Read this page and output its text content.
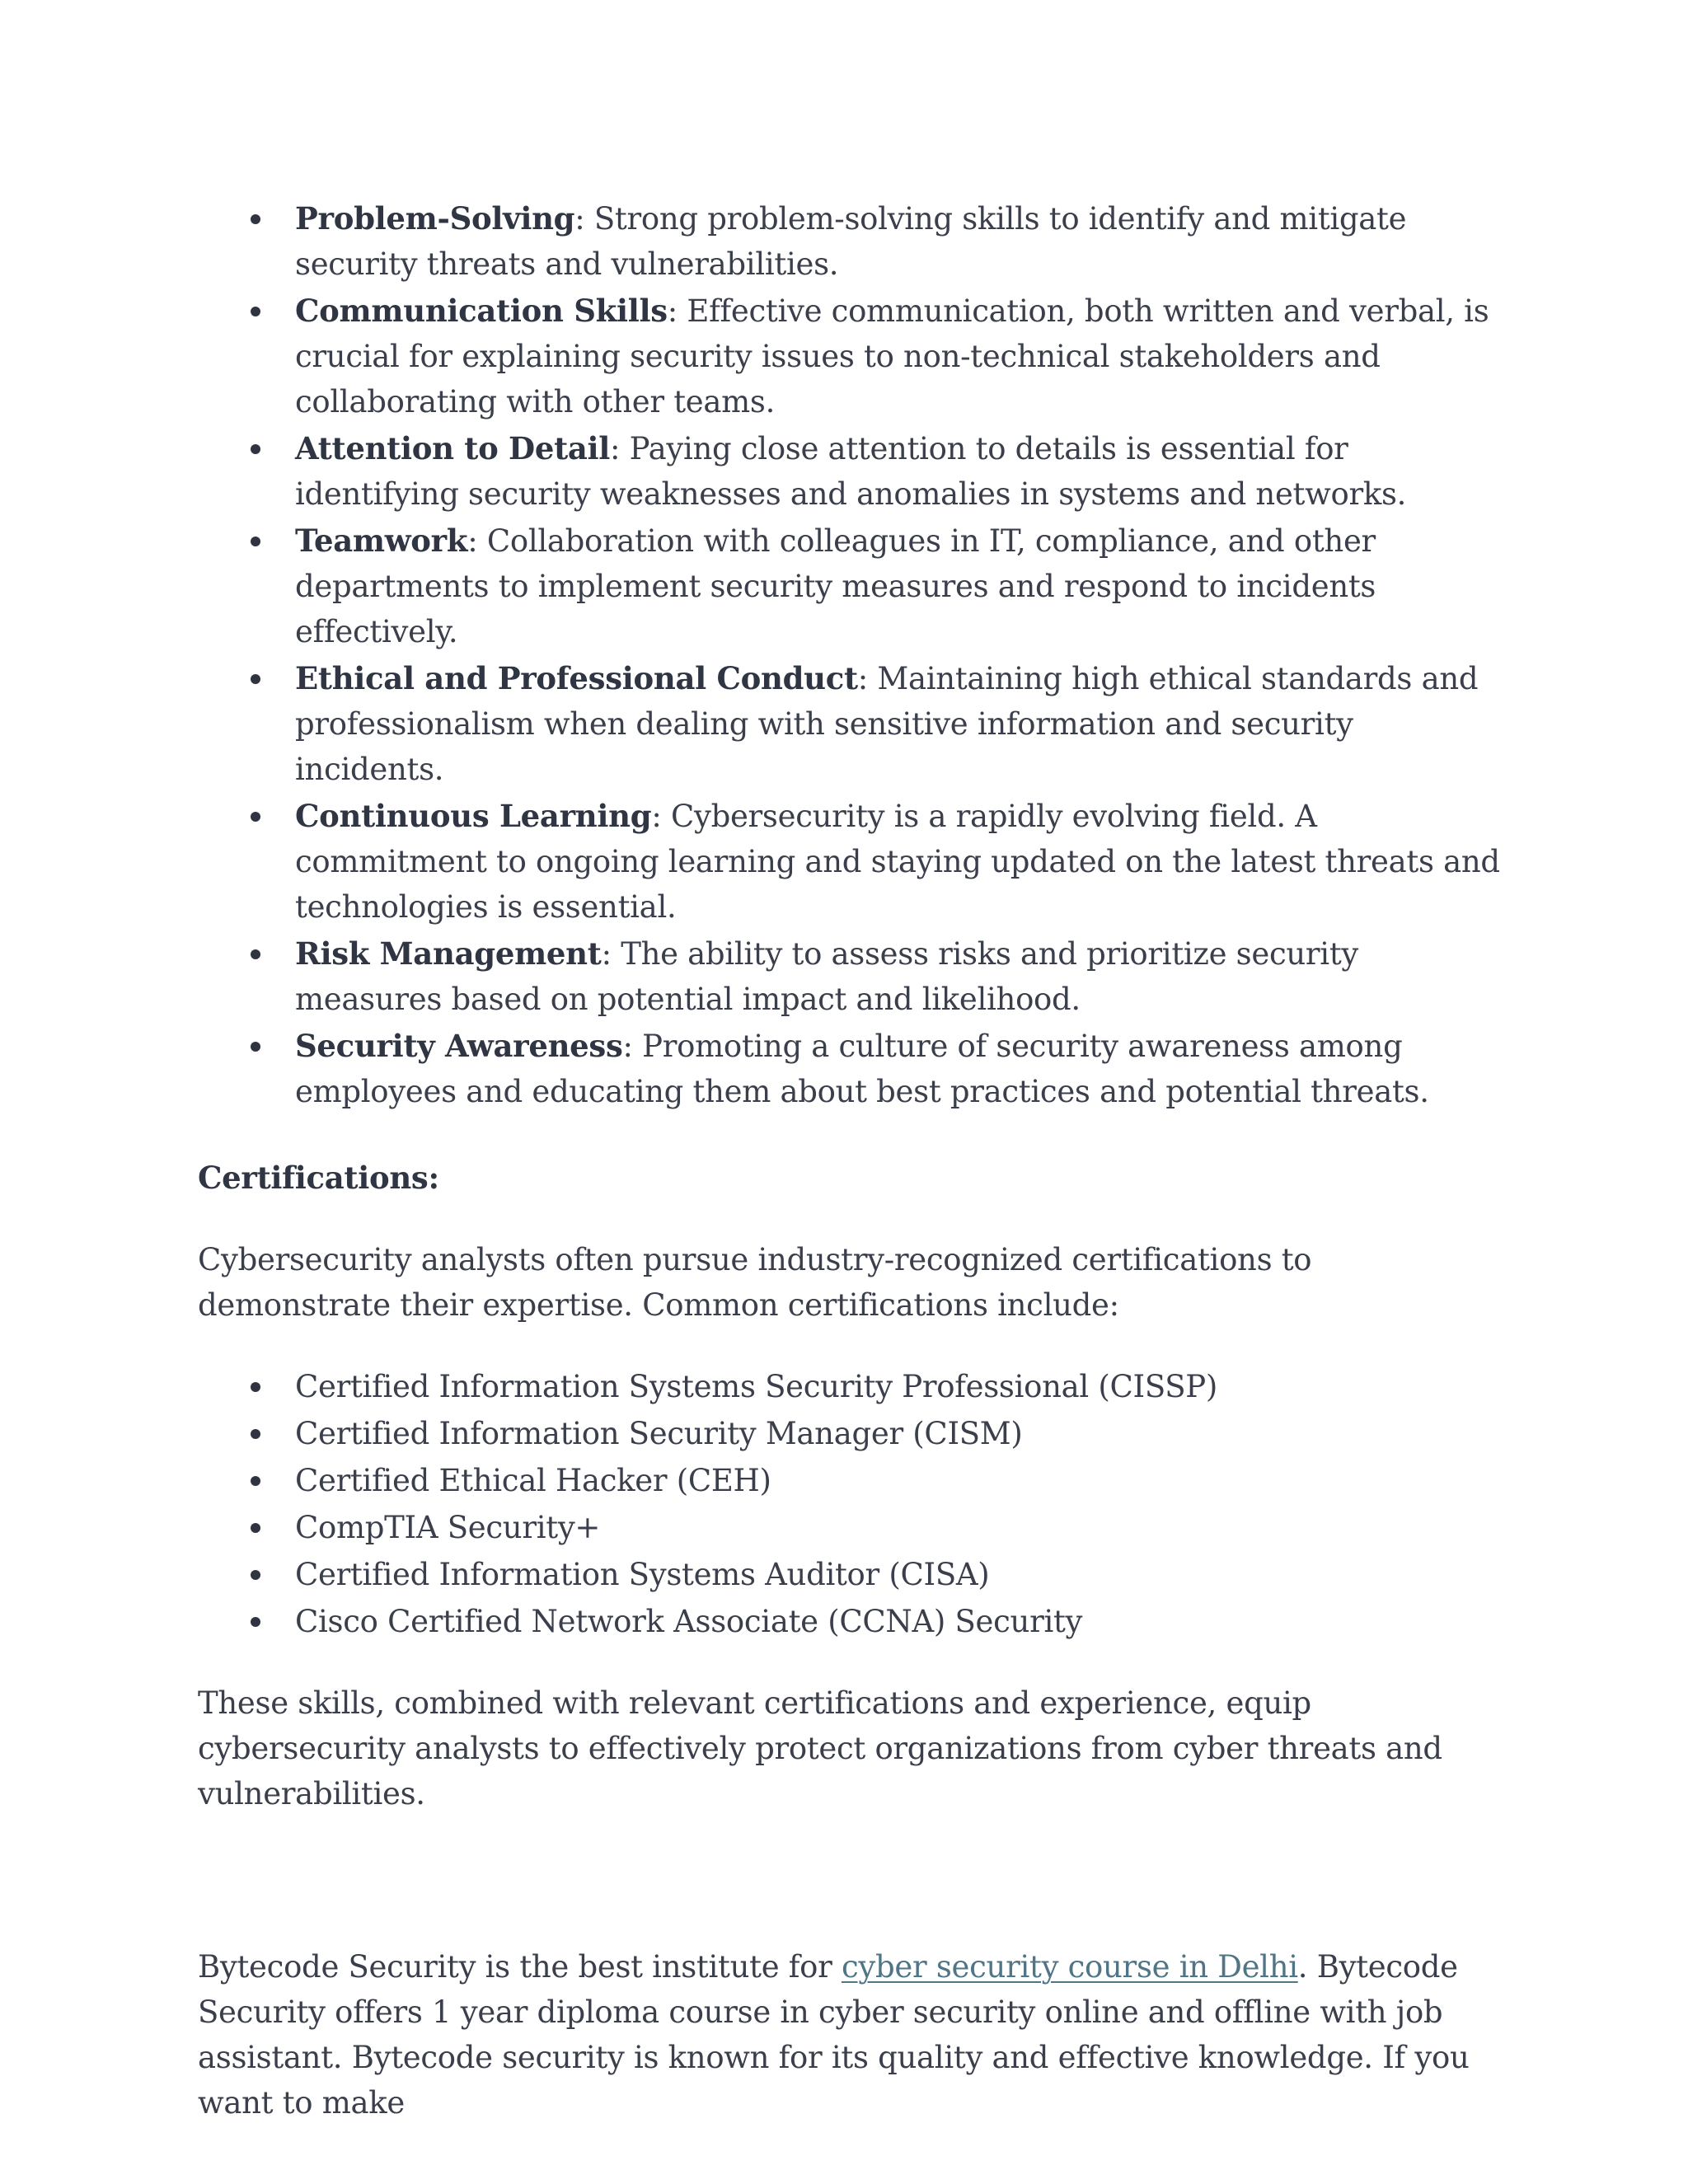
Problem-Solving: Strong problem-solving skills to identify and mitigate security threats and vulnerabilities.
Communication Skills: Effective communication, both written and verbal, is crucial for explaining security issues to non-technical stakeholders and collaborating with other teams.
Attention to Detail: Paying close attention to details is essential for identifying security weaknesses and anomalies in systems and networks.
Teamwork: Collaboration with colleagues in IT, compliance, and other departments to implement security measures and respond to incidents effectively.
Ethical and Professional Conduct: Maintaining high ethical standards and professionalism when dealing with sensitive information and security incidents.
Continuous Learning: Cybersecurity is a rapidly evolving field. A commitment to ongoing learning and staying updated on the latest threats and technologies is essential.
Risk Management: The ability to assess risks and prioritize security measures based on potential impact and likelihood.
Security Awareness: Promoting a culture of security awareness among employees and educating them about best practices and potential threats.
Certifications:
Cybersecurity analysts often pursue industry-recognized certifications to demonstrate their expertise. Common certifications include:
Certified Information Systems Security Professional (CISSP)
Certified Information Security Manager (CISM)
Certified Ethical Hacker (CEH)
CompTIA Security+
Certified Information Systems Auditor (CISA)
Cisco Certified Network Associate (CCNA) Security
These skills, combined with relevant certifications and experience, equip cybersecurity analysts to effectively protect organizations from cyber threats and vulnerabilities.
Bytecode Security is the best institute for cyber security course in Delhi. Bytecode Security offers 1 year diploma course in cyber security online and offline with job assistant. Bytecode security is known for its quality and effective knowledge. If you want to make
